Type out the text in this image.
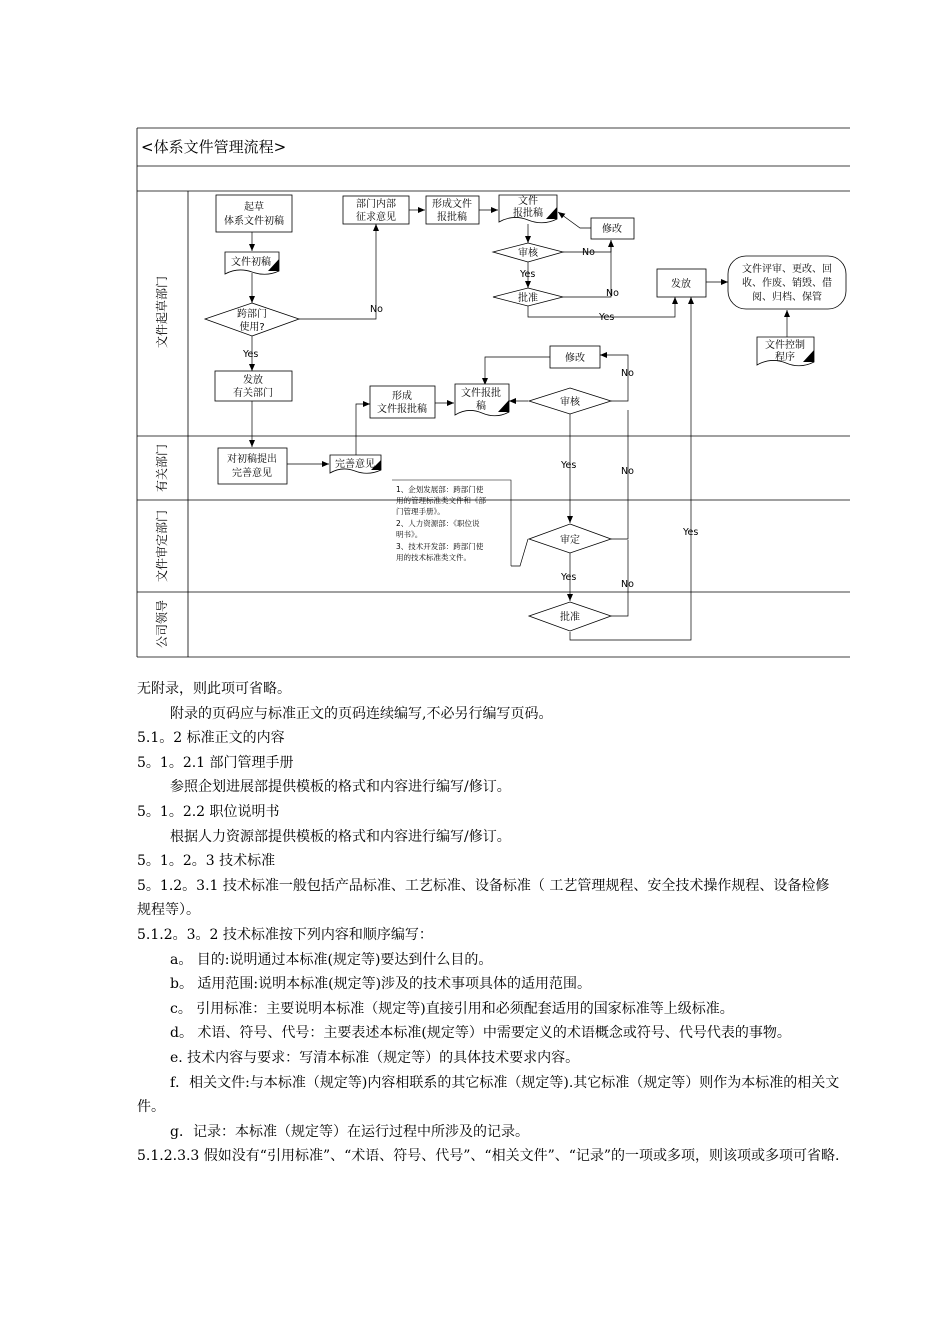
<体系文件管理流程>
文件起草部门
有关部门
文件审定部门
公司领导
起草
体系文件初稿
文件初稿
跨部门
使用?
部门内部
征求意见
形成文件
报批稿
文件
报批稿
修改
审核
批准
发放
文件评审、更改、回
收、作废、销毁、借
阅、归档、保管
文件控制
程序
发放
有关部门	形成
文件报批稿
文件报批
稿
修改
审核
对初稿提出
完善意见
完善意见
1、企划发展部：跨部门使
用的管理标准类文件和《部
门管理手册》。
2、人力资源部：《职位说
明书》。
3、技术开发部：跨部门使
用的技术标准类文件。
审定
批准
No
Yes
No
Yes
No
Yes
No
Yes
No
Yes
Yes
No

无附录，则此项可省略。

附录的页码应与标准正文的页码连续编写,不必另行编写页码。

5.1。2 标准正文的内容

5。1。2.1 部门管理手册

参照企划进展部提供模板的格式和内容进行编写/修订。

5。1。2.2 职位说明书

根据人力资源部提供模板的格式和内容进行编写/修订。

5。1。2。3 技术标准

5。1.2。3.1 技术标准一般包括产品标准、工艺标准、设备标准（ 工艺管理规程、安全技术操作规程、设备检修规程等）。

5.1.2。3。2 技术标准按下列内容和顺序编写：

a。 目的:说明通过本标准(规定等)要达到什么目的。

b。 适用范围:说明本标准(规定等)涉及的技术事项具体的适用范围。

c。 引用标准：主要说明本标准（规定等)直接引用和必须配套适用的国家标准等上级标准。

d。 术语、符号、代号：主要表述本标准(规定等）中需要定义的术语概念或符号、代号代表的事物。

e. 技术内容与要求：写清本标准（规定等）的具体技术要求内容。

f．相关文件:与本标准（规定等)内容相联系的其它标准（规定等).其它标准（规定等）则作为本标准的相关文件。

g．记录：本标准（规定等）在运行过程中所涉及的记录。

5.1.2.3.3 假如没有“引用标准”、“术语、符号、代号”、“相关文件”、“记录”的一项或多项，则该项或多项可省略.
